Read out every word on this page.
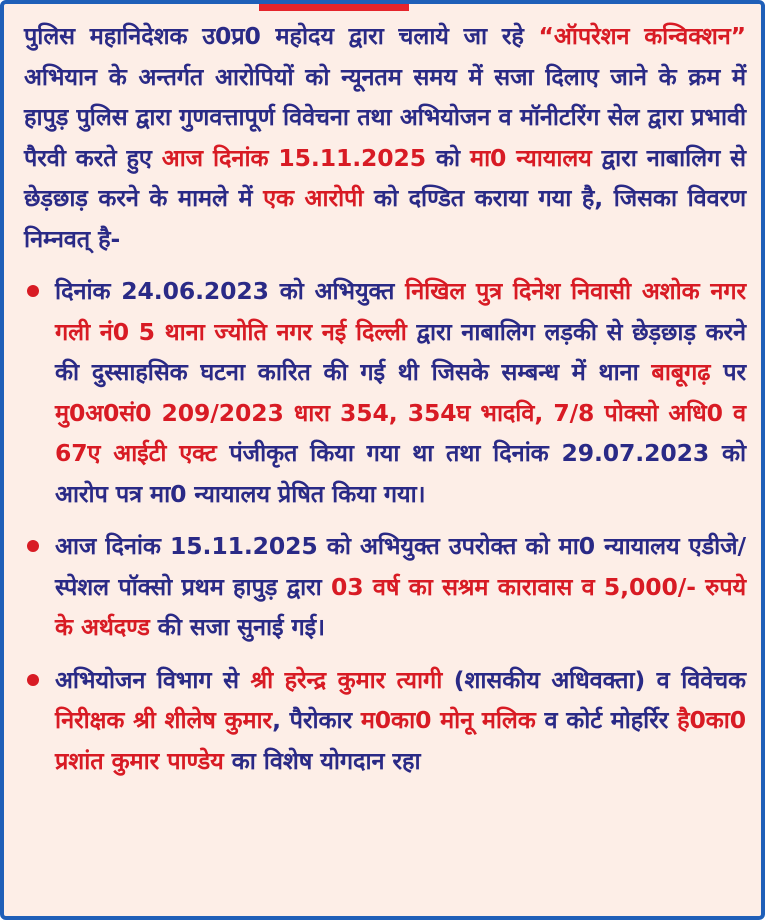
पुलिस महानिदेशक उ0प्र0 महोदय द्वारा चलाये जा रहे “ऑपरेशन कन्विक्शन” अभियान के अन्तर्गत आरोपियों को न्यूनतम समय में सजा दिलाए जाने के क्रम में हापुड़ पुलिस द्वारा गुणवत्तापूर्ण विवेचना तथा अभियोजन व मॉनीटरिंग सेल द्वारा प्रभावी पैरवी करते हुए आज दिनांक 15.11.2025 को मा0 न्यायालय द्वारा नाबालिग से छेड़छाड़ करने के मामले में एक आरोपी को दण्डित कराया गया है, जिसका विवरण निम्नवत् है-

दिनांक 24.06.2023 को अभियुक्त निखिल पुत्र दिनेश निवासी अशोक नगर गली नं0 5 थाना ज्योति नगर नई दिल्ली द्वारा नाबालिग लड़की से छेड़छाड़ करने की दुस्साहसिक घटना कारित की गई थी जिसके सम्बन्ध में थाना बाबूगढ़ पर मु0अ0सं0 209/2023 धारा 354, 354घ भादवि, 7/8 पोक्सो अधि0 व 67ए आईटी एक्ट पंजीकृत किया गया था तथा दिनांक 29.07.2023 को आरोप पत्र मा0 न्यायालय प्रेषित किया गया।
आज दिनांक 15.11.2025 को अभियुक्त उपरोक्त को मा0 न्यायालय एडीजे/स्पेशल पॉक्सो प्रथम हापुड़ द्वारा 03 वर्ष का सश्रम कारावास व 5,000/- रुपये के अर्थदण्ड की सजा सुनाई गई।
अभियोजन विभाग से श्री हरेन्द्र कुमार त्यागी (शासकीय अधिवक्ता) व विवेचक निरीक्षक श्री शीलेष कुमार, पैरोकार म0का0 मोनू मलिक व कोर्ट मोहर्रिर है0का0 प्रशांत कुमार पाण्डेय का विशेष योगदान रहा
